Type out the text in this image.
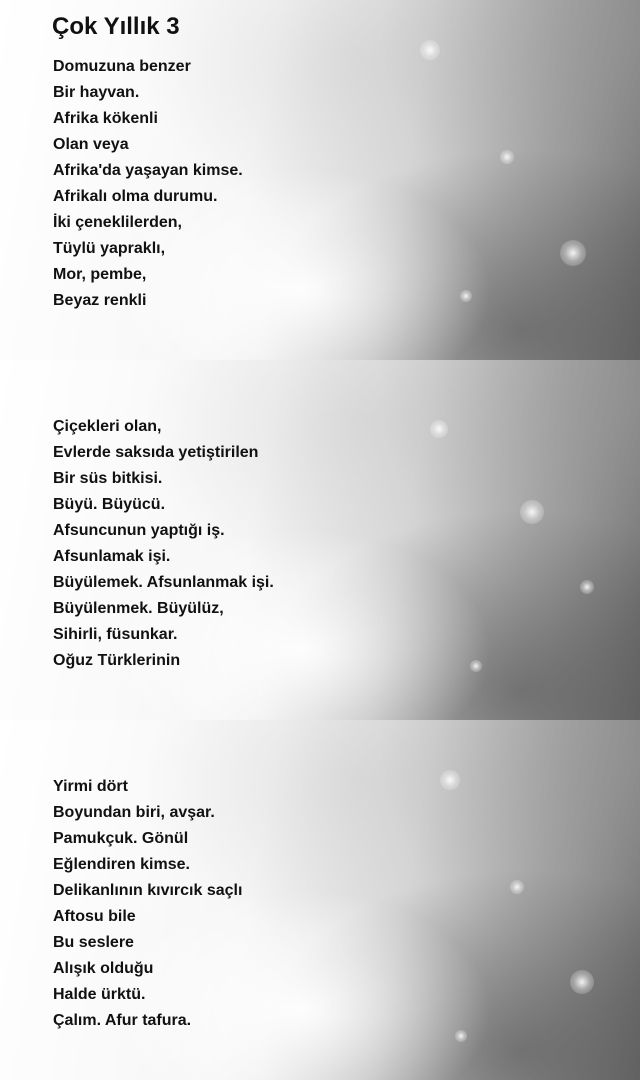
Çok Yıllık 3
Domuzuna benzer
Bir hayvan.
Afrika kökenli
Olan veya
Afrika'da yaşayan kimse.
Afrikalı olma durumu.
İki çeneklilerden,
Tüylü yapraklı,
Mor, pembe,
Beyaz renkli
Çiçekleri olan,
Evlerde saksıda yetiştirilen
Bir süs bitkisi.
Büyü. Büyücü.
Afsuncunun yaptığı iş.
Afsunlamak işi.
Büyülemek. Afsunlanmak işi.
Büyülenmek. Büyülüz,
Sihirli, füsunkar.
Oğuz Türklerinin
Yirmi dört
Boyundan biri, avşar.
Pamukçuk. Gönül
Eğlendiren kimse.
Delikanlının kıvırcık saçlı
Aftosu bile
Bu seslere
Alışık olduğu
Halde ürktü.
Çalım. Afur tafura.
